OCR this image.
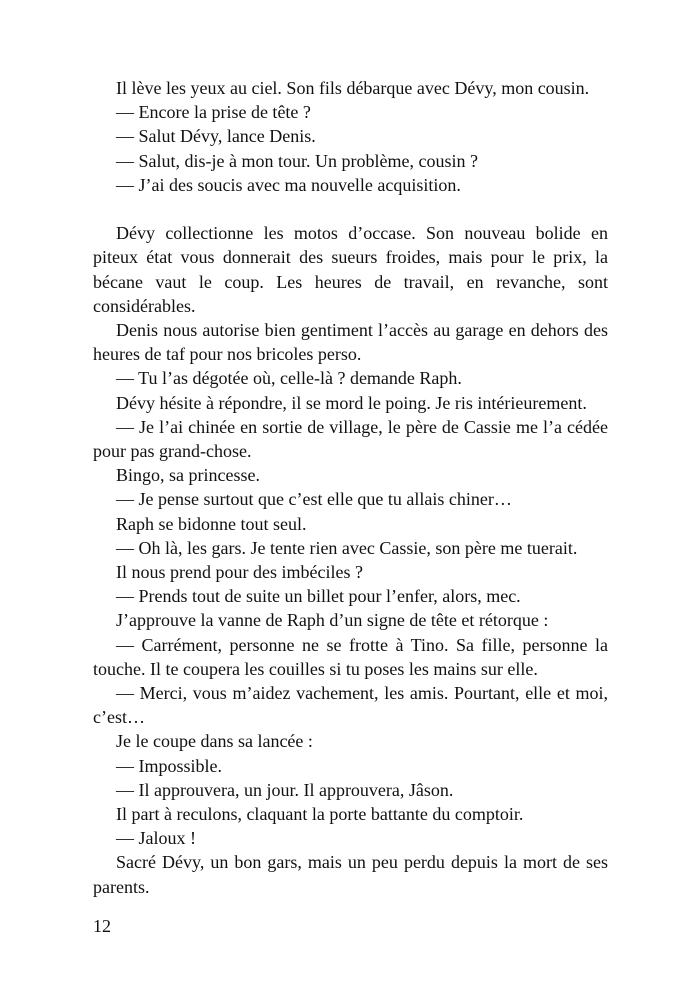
Il lève les yeux au ciel. Son fils débarque avec Dévy, mon cousin.

— Encore la prise de tête ?

— Salut Dévy, lance Denis.

— Salut, dis-je à mon tour. Un problème, cousin ?

— J’ai des soucis avec ma nouvelle acquisition.

Dévy collectionne les motos d’occase. Son nouveau bolide en piteux état vous donnerait des sueurs froides, mais pour le prix, la bécane vaut le coup. Les heures de travail, en revanche, sont considérables.

Denis nous autorise bien gentiment l’accès au garage en dehors des heures de taf pour nos bricoles perso.

— Tu l’as dégotée où, celle-là ? demande Raph.

Dévy hésite à répondre, il se mord le poing. Je ris intérieurement.

— Je l’ai chinée en sortie de village, le père de Cassie me l’a cédée pour pas grand-chose.

Bingo, sa princesse.

— Je pense surtout que c’est elle que tu allais chiner…

Raph se bidonne tout seul.

— Oh là, les gars. Je tente rien avec Cassie, son père me tuerait.

Il nous prend pour des imbéciles ?

— Prends tout de suite un billet pour l’enfer, alors, mec.

J’approuve la vanne de Raph d’un signe de tête et rétorque :

— Carrément, personne ne se frotte à Tino. Sa fille, personne la touche. Il te coupera les couilles si tu poses les mains sur elle.

— Merci, vous m’aidez vachement, les amis. Pourtant, elle et moi, c’est…

Je le coupe dans sa lancée :

— Impossible.

— Il approuvera, un jour. Il approuvera, Jâson.

Il part à reculons, claquant la porte battante du comptoir.

— Jaloux !

Sacré Dévy, un bon gars, mais un peu perdu depuis la mort de ses parents.

12
